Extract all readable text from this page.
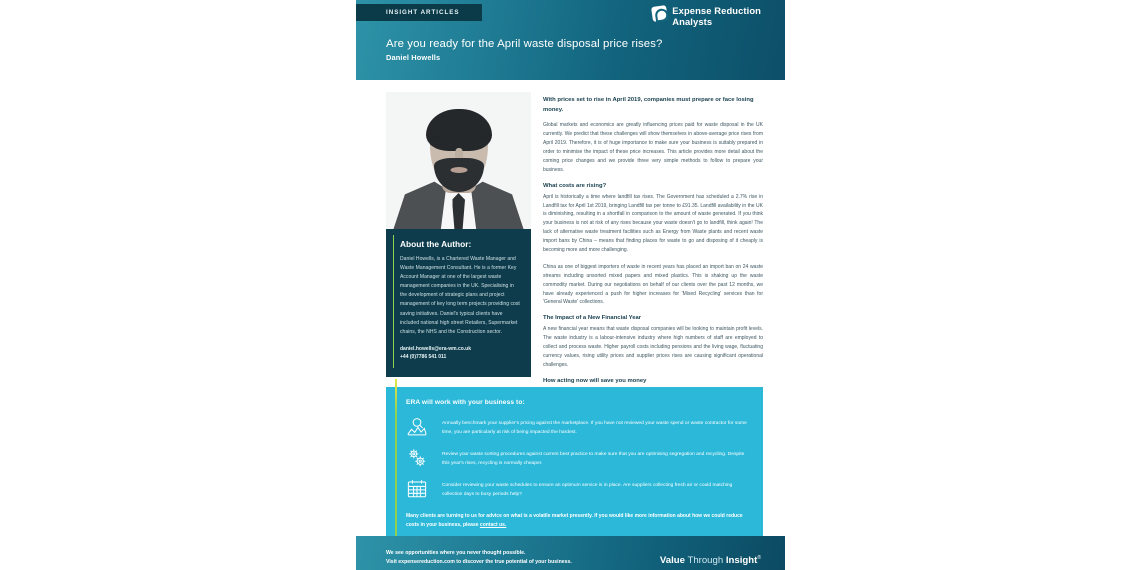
INSIGHT ARTICLES	Expense Reduction
Analysts
Are you ready for the April waste disposal price rises?
Daniel Howells
About the Author:

Daniel Howells, is a Chartered Waste Manager and Waste Management Consultant. He is a former Key Account Manager at one of the largest waste management companies in the UK. Specialising in the development of strategic plans and project management of key long term projects providing cost saving initiatives. Daniel's typical clients have included national high street Retailers, Supermarket chains, the NHS and the Construction sector.

daniel.howells@era-wm.co.uk
+44 (0)7786 541 011
With prices set to rise in April 2019, companies must prepare or face losing money.

Global markets and economics are greatly influencing prices paid for waste disposal in the UK currently. We predict that these challenges will show themselves in above-average price rises from April 2019. Therefore, it is of huge importance to make sure your business is suitably prepared in order to minimise the impact of these price increases. This article provides more detail about the coming price changes and we provide three very simple methods to follow to prepare your business.

What costs are rising?

April is historically a time where landfill tax rises. The Government has scheduled a 2.7% rise in Landfill tax for April 1st 2019, bringing Landfill tax per tonne to £91.35. Landfill availability in the UK is diminishing, resulting in a shortfall in comparison to the amount of waste generated. If you think your business is not at risk of any rises because your waste doesn't go to landfill, think again! The lack of alternative waste treatment facilities such as Energy from Waste plants and recent waste import bans by China – means that finding places for waste to go and disposing of it cheaply is becoming more and more challenging.

China as one of biggest importers of waste in recent years has placed an import ban on 24 waste streams including unsorted mixed papers and mixed plastics. This is shaking up the waste commodity market. During our negotiations on behalf of our clients over the past 12 months, we have already experienced a push for higher increases for 'Mixed Recycling' services than for 'General Waste' collections.

The Impact of a New Financial Year

A new financial year means that waste disposal companies will be looking to maintain profit levels. The waste industry is a labour-intensive industry where high numbers of staff are employed to collect and process waste. Higher payroll costs including pensions and the living wage, fluctuating currency values, rising utility prices and supplier prices rises are causing significant operational challenges.

How acting now will save you money

ERA will work with your business to:

Annually benchmark your supplier's pricing against the marketplace. If you have not reviewed your waste spend or waste contractor for some time, you are particularly at risk of being impacted the hardest.

Review your waste sorting procedures against current best practice to make sure that you are optimising segregation and recycling. Despite this year's rises, recycling is normally cheaper.

Consider reviewing your waste schedules to ensure an optimum service is in place. Are suppliers collecting fresh air or could matching collection days to busy periods help?

Many clients are turning to us for advice on what is a volatile market presently. If you would like more information about how we could reduce costs in your business, please contact us.
We see opportunities where you never thought possible.
Visit expensereduction.com to discover the true potential of your business.	Value Through Insight®
